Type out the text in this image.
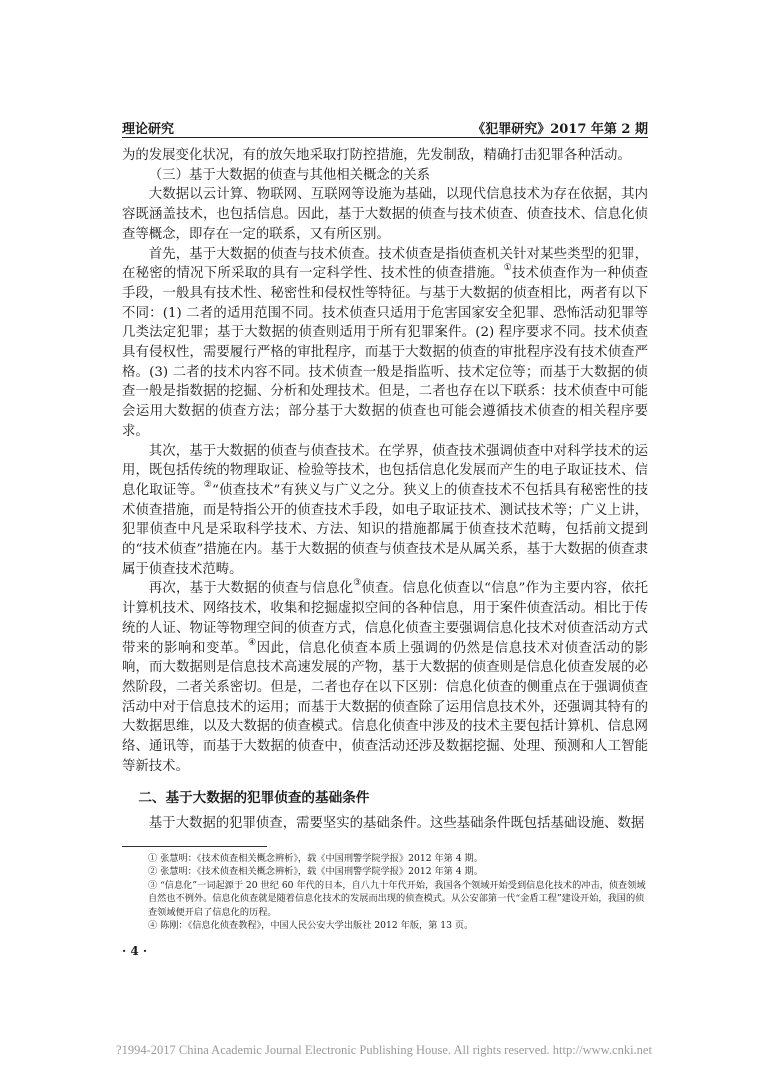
理论研究	《犯罪研究》2017 年第 2 期

为的发展变化状况，有的放矢地采取打防控措施，先发制敌，精确打击犯罪各种活动。

（三）基于大数据的侦查与其他相关概念的关系

大数据以云计算、物联网、互联网等设施为基础，以现代信息技术为存在依据，其内容既涵盖技术，也包括信息。因此，基于大数据的侦查与技术侦查、侦查技术、信息化侦查等概念，即存在一定的联系，又有所区别。

首先，基于大数据的侦查与技术侦查。技术侦查是指侦查机关针对某些类型的犯罪，在秘密的情况下所采取的具有一定科学性、技术性的侦查措施。①技术侦查作为一种侦查手段，一般具有技术性、秘密性和侵权性等特征。与基于大数据的侦查相比，两者有以下不同：(1) 二者的适用范围不同。技术侦查只适用于危害国家安全犯罪、恐怖活动犯罪等几类法定犯罪；基于大数据的侦查则适用于所有犯罪案件。(2) 程序要求不同。技术侦查具有侵权性，需要履行严格的审批程序，而基于大数据的侦查的审批程序没有技术侦查严格。(3) 二者的技术内容不同。技术侦查一般是指监听、技术定位等；而基于大数据的侦查一般是指数据的挖掘、分析和处理技术。但是，二者也存在以下联系：技术侦查中可能会运用大数据的侦查方法；部分基于大数据的侦查也可能会遵循技术侦查的相关程序要求。

其次，基于大数据的侦查与侦查技术。在学界，侦查技术强调侦查中对科学技术的运用，既包括传统的物理取证、检验等技术，也包括信息化发展而产生的电子取证技术、信息化取证等。②“侦查技术”有狭义与广义之分。狭义上的侦查技术不包括具有秘密性的技术侦查措施，而是特指公开的侦查技术手段，如电子取证技术、测试技术等；广义上讲，犯罪侦查中凡是采取科学技术、方法、知识的措施都属于侦查技术范畴，包括前文提到的“技术侦查”措施在内。基于大数据的侦查与侦查技术是从属关系，基于大数据的侦查隶属于侦查技术范畴。

再次，基于大数据的侦查与信息化③侦查。信息化侦查以“信息”作为主要内容，依托计算机技术、网络技术，收集和挖掘虚拟空间的各种信息，用于案件侦查活动。相比于传统的人证、物证等物理空间的侦查方式，信息化侦查主要强调信息化技术对侦查活动方式带来的影响和变革。④因此，信息化侦查本质上强调的仍然是信息技术对侦查活动的影响，而大数据则是信息技术高速发展的产物，基于大数据的侦查则是信息化侦查发展的必然阶段，二者关系密切。但是，二者也存在以下区别：信息化侦查的侧重点在于强调侦查活动中对于信息技术的运用；而基于大数据的侦查除了运用信息技术外，还强调其特有的大数据思维，以及大数据的侦查模式。信息化侦查中涉及的技术主要包括计算机、信息网络、通讯等，而基于大数据的侦查中，侦查活动还涉及数据挖掘、处理、预测和人工智能等新技术。

二、基于大数据的犯罪侦查的基础条件

基于大数据的犯罪侦查，需要坚实的基础条件。这些基础条件既包括基础设施、数据

① 张慧明：《技术侦查相关概念辨析》，载《中国刑警学院学报》2012 年第 4 期。

② 张慧明：《技术侦查相关概念辨析》，载《中国刑警学院学报》2012 年第 4 期。

③ “信息化”一词起源于 20 世纪 60 年代的日本，自八九十年代开始，我国各个领域开始受到信息化技术的冲击，侦查领域自然也不例外。信息化侦查就是随着信息化技术的发展而出现的侦查模式。从公安部第一代“金盾工程”建设开始，我国的侦查领域便开启了信息化的历程。

④ 陈刚：《信息化侦查教程》，中国人民公安大学出版社 2012 年版，第 13 页。

· 4 ·
?1994-2017 China Academic Journal Electronic Publishing House. All rights reserved. http://www.cnki.net
